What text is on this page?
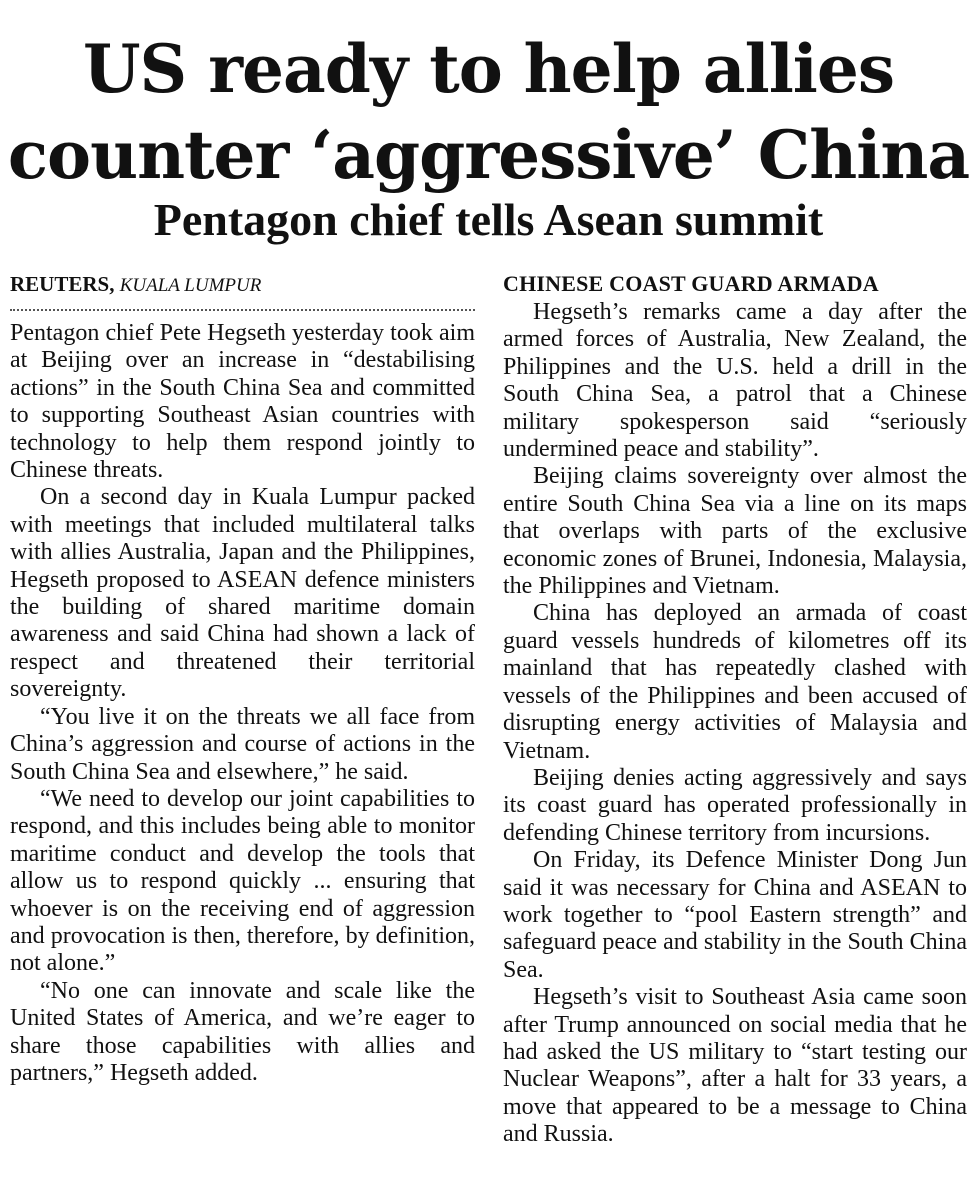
US ready to help allies
counter ‘aggressive’ China
Pentagon chief tells Asean summit
REUTERS, KUALA LUMPUR

Pentagon chief Pete Hegseth yesterday took aim at Beijing over an increase in “destabilising actions” in the South China Sea and committed to supporting Southeast Asian countries with technology to help them respond jointly to Chinese threats.

On a second day in Kuala Lumpur packed with meetings that included multilateral talks with allies Australia, Japan and the Philippines, Hegseth proposed to ASEAN defence ministers the building of shared maritime domain awareness and said China had shown a lack of respect and threatened their territorial sovereignty.

“You live it on the threats we all face from China’s aggression and course of actions in the South China Sea and elsewhere,” he said.

“We need to develop our joint capabilities to respond, and this includes being able to monitor maritime conduct and develop the tools that allow us to respond quickly ... ensuring that whoever is on the receiving end of aggression and provocation is then, therefore, by definition, not alone.”

“No one can innovate and scale like the United States of America, and we’re eager to share those capabilities with allies and partners,” Hegseth added.

CHINESE COAST GUARD ARMADA

Hegseth’s remarks came a day after the armed forces of Australia, New Zealand, the Philippines and the U.S. held a drill in the South China Sea, a patrol that a Chinese military spokesperson said “seriously undermined peace and stability”.

Beijing claims sovereignty over almost the entire South China Sea via a line on its maps that overlaps with parts of the exclusive economic zones of Brunei, Indonesia, Malaysia, the Philippines and Vietnam.

China has deployed an armada of coast guard vessels hundreds of kilometres off its mainland that has repeatedly clashed with vessels of the Philippines and been accused of disrupting energy activities of Malaysia and Vietnam.

Beijing denies acting aggressively and says its coast guard has operated professionally in defending Chinese territory from incursions.

On Friday, its Defence Minister Dong Jun said it was necessary for China and ASEAN to work together to “pool Eastern strength” and safeguard peace and stability in the South China Sea.

Hegseth’s visit to Southeast Asia came soon after Trump announced on social media that he had asked the US military to “start testing our Nuclear Weapons”, after a halt for 33 years, a move that appeared to be a message to China and Russia.
